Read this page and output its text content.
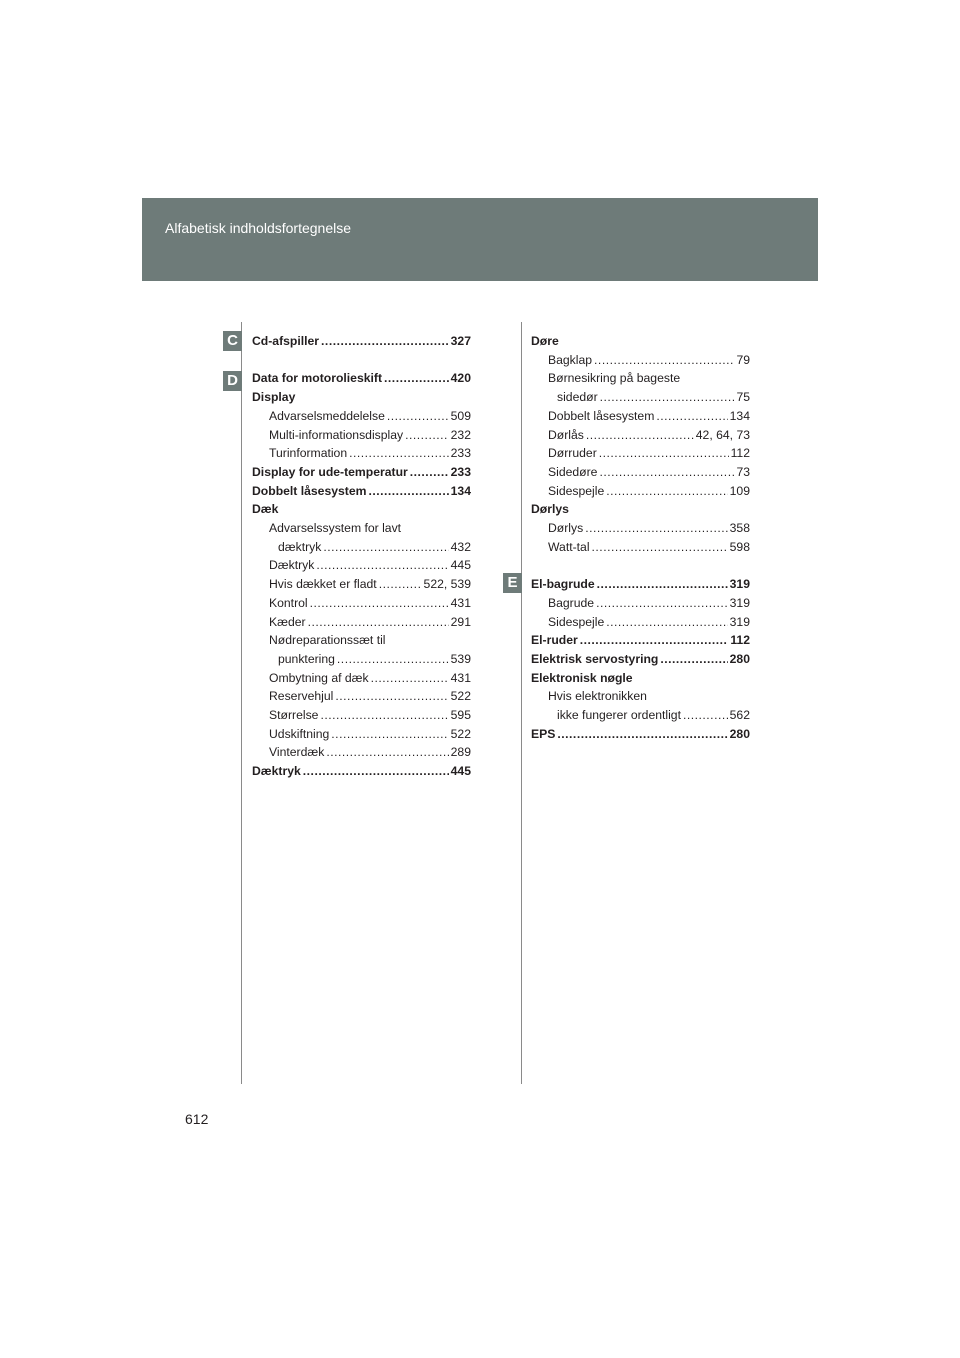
Alfabetisk indholdsfortegnelse
C
D
E
Cd-afspiller .....	327
Data for motorolieskift .....	420
Display
Advarselsmeddelelse .....	509
Multi-informationsdisplay .....	232
Turinformation .....	233
Display for ude-temperatur .....	233
Dobbelt låsesystem .....	134
Dæk
Advarselssystem for lavt
dæktryk .....	432
Dæktryk .....	445
Hvis dækket er fladt .....	522, 539
Kontrol .....	431
Kæder .....	291
Nødreparationssæt til
punktering .....	539
Ombytning af dæk .....	431
Reservehjul .....	522
Størrelse .....	595
Udskiftning .....	522
Vinterdæk .....	289
Dæktryk .....	445
Døre
Bagklap .....	79
Børnesikring på bageste
sidedør .....	75
Dobbelt låsesystem .....	134
Dørlås .....	42, 64, 73
Dørruder .....	112
Sidedøre .....	73
Sidespejle .....	109
Dørlys
Dørlys .....	358
Watt-tal .....	598
El-bagrude .....	319
Bagrude .....	319
Sidespejle .....	319
El-ruder .....	112
Elektrisk servostyring .....	280
Elektronisk nøgle
Hvis elektronikken
ikke fungerer ordentligt .....	562
EPS .....	280
612
